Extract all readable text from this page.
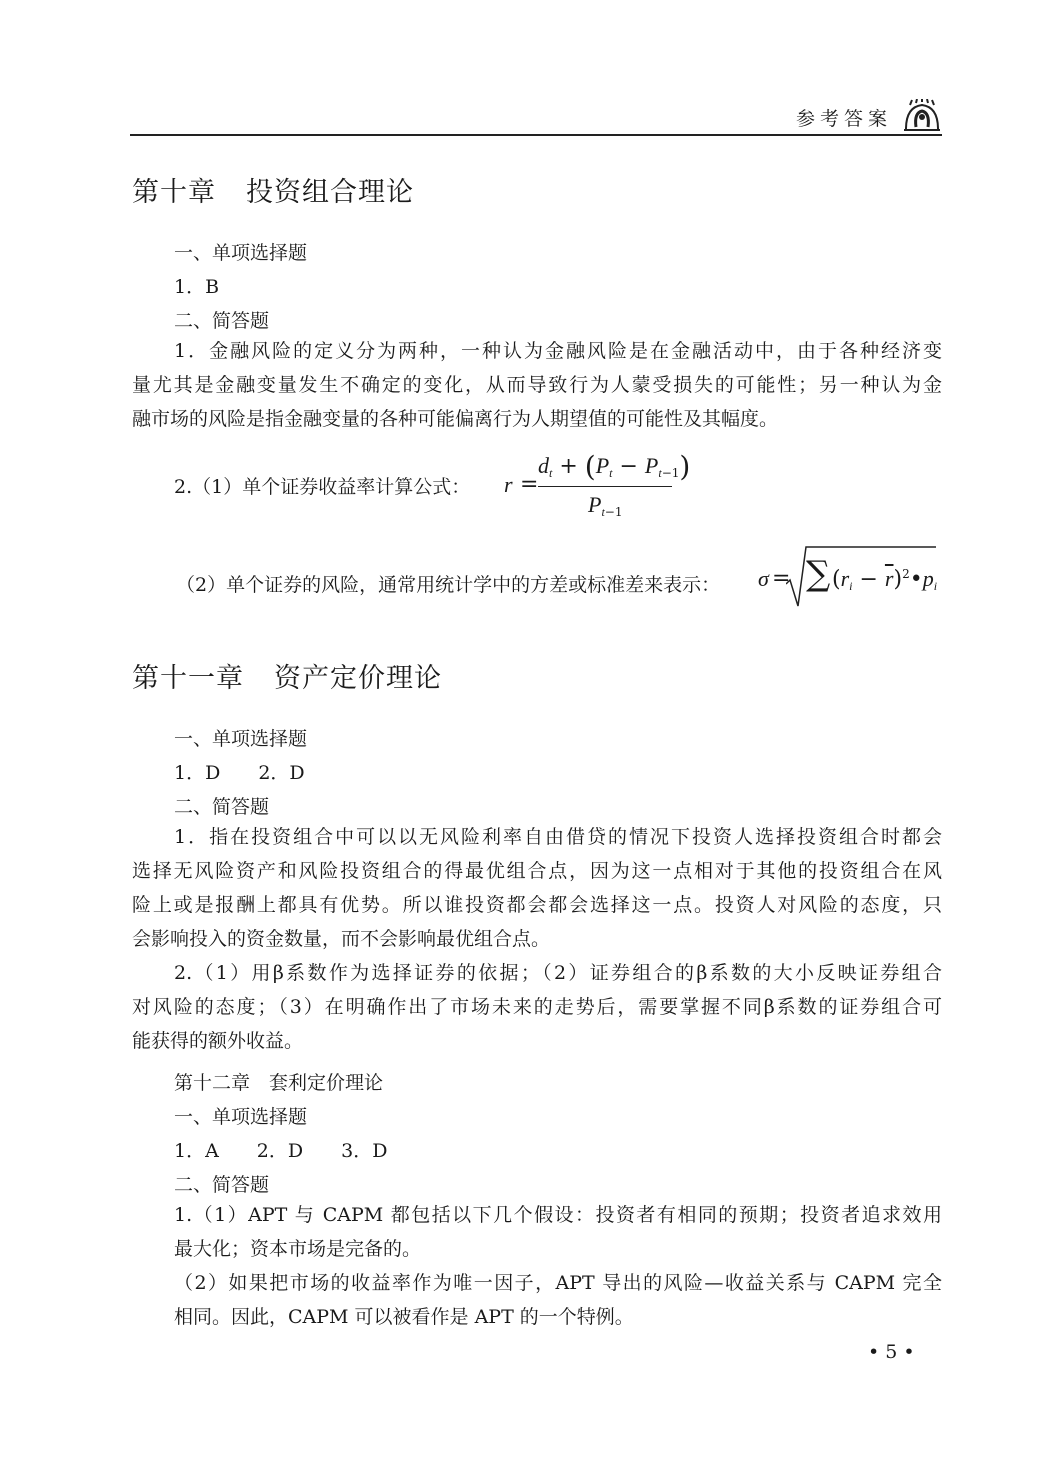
参考答案
第十章 投资组合理论
一、单项选择题
1．B
二、简答题
1．金融风险的定义分为两种，一种认为金融风险是在金融活动中，由于各种经济变
量尤其是金融变量发生不确定的变化，从而导致行为人蒙受损失的可能性；另一种认为金
融市场的风险是指金融变量的各种可能偏离行为人期望值的可能性及其幅度。
2.（1）单个证券收益率计算公式： r =
$d_t + (P_t - P_{t-1})$
$P_{t-1}$
（2）单个证券的风险，通常用统计学中的方差或标准差来表示： σ = ∑ ($r_i$ − $\overline{r})^2•p_i$
第十一章 资产定价理论
一、单项选择题
1．D　　2．D
二、简答题
1．指在投资组合中可以以无风险利率自由借贷的情况下投资人选择投资组合时都会
选择无风险资产和风险投资组合的得最优组合点，因为这一点相对于其他的投资组合在风
险上或是报酬上都具有优势。所以谁投资都会都会选择这一点。投资人对风险的态度，只
会影响投入的资金数量，而不会影响最优组合点。
2.（1）用β系数作为选择证券的依据；（2）证券组合的β系数的大小反映证券组合
对风险的态度；（3）在明确作出了市场未来的走势后，需要掌握不同β系数的证券组合可
能获得的额外收益。
第十二章　套利定价理论
一、单项选择题
1．A　　2．D　　3．D
二、简答题
1.（1）APT 与 CAPM 都包括以下几个假设：投资者有相同的预期；投资者追求效用
最大化；资本市场是完备的。
（2）如果把市场的收益率作为唯一因子，APT 导出的风险—收益关系与 CAPM 完全
相同。因此，CAPM 可以被看作是 APT 的一个特例。
• 5 •
